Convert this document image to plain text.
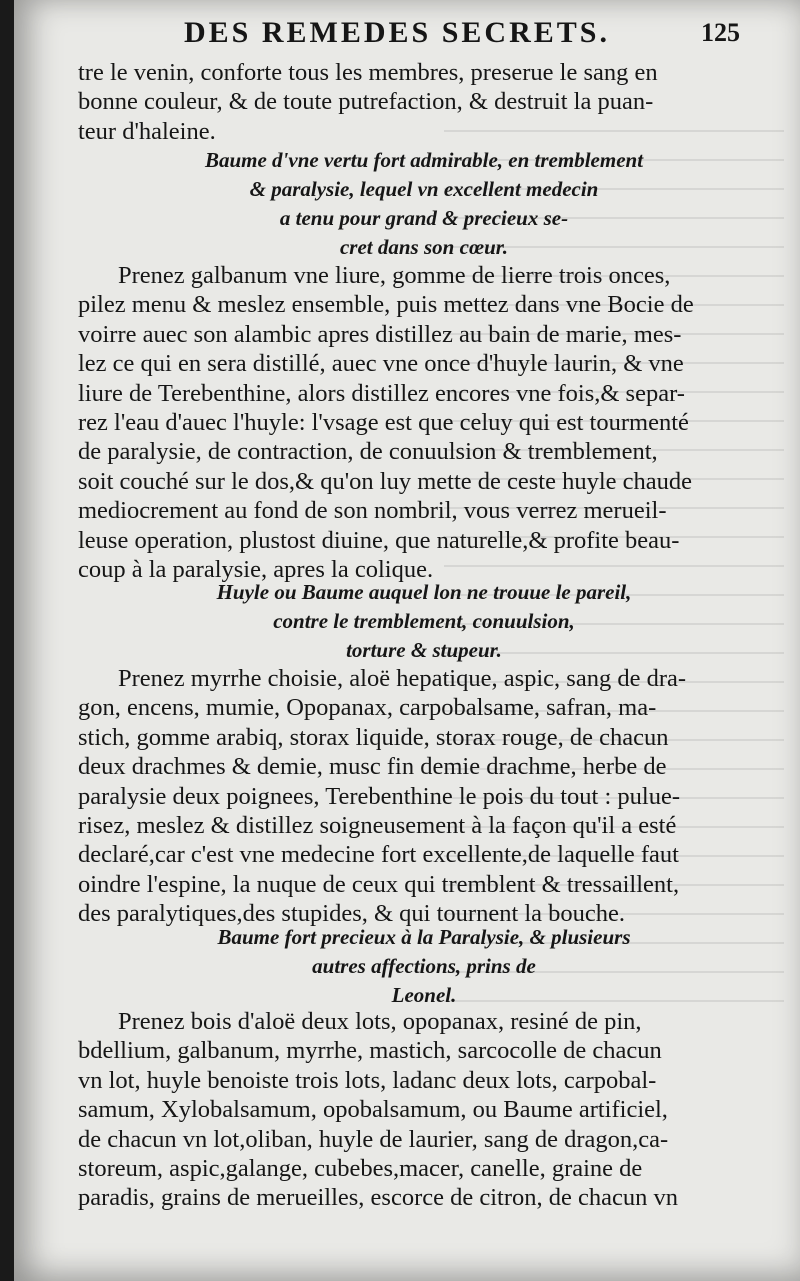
DES REMEDES SECRETS.	125
tre le venin, conforte tous les membres, preserue le sang en
bonne couleur, & de toute putrefaction, & destruit la puan-
teur d'haleine.
Baume d'vne vertu fort admirable, en tremblement
& paralysie, lequel vn excellent medecin
a tenu pour grand & precieux se-
cret dans son cœur.
Prenez galbanum vne liure, gomme de lierre trois onces,
pilez menu & meslez ensemble, puis mettez dans vne Bocie de
voirre auec son alambic apres distillez au bain de marie, mes-
lez ce qui en sera distillé, auec vne once d'huyle laurin, & vne
liure de Terebenthine, alors distillez encores vne fois,& separ-
rez l'eau d'auec l'huyle: l'vsage est que celuy qui est tourmenté
de paralysie, de contraction, de conuulsion & tremblement,
soit couché sur le dos,& qu'on luy mette de ceste huyle chaude
mediocrement au fond de son nombril, vous verrez merueil-
leuse operation, plustost diuine, que naturelle,& profite beau-
coup à la paralysie, apres la colique.
Huyle ou Baume auquel lon ne trouue le pareil,
contre le tremblement, conuulsion,
torture & stupeur.
Prenez myrrhe choisie, aloë hepatique, aspic, sang de dra-
gon, encens, mumie, Opopanax, carpobalsame, safran, ma-
stich, gomme arabiq, storax liquide, storax rouge, de chacun
deux drachmes & demie, musc fin demie drachme, herbe de
paralysie deux poignees, Terebenthine le pois du tout : pulue-
risez, meslez & distillez soigneusement à la façon qu'il a esté
declaré,car c'est vne medecine fort excellente,de laquelle faut
oindre l'espine, la nuque de ceux qui tremblent & tressaillent,
des paralytiques,des stupides, & qui tournent la bouche.
Baume fort precieux à la Paralysie, & plusieurs
autres affections, prins de
Leonel.
Prenez bois d'aloë deux lots, opopanax, resiné de pin,
bdellium, galbanum, myrrhe, mastich, sarcocolle de chacun
vn lot, huyle benoiste trois lots, ladanc deux lots, carpobal-
samum, Xylobalsamum, opobalsamum, ou Baume artificiel,
de chacun vn lot,oliban, huyle de laurier, sang de dragon,ca-
storeum, aspic,galange, cubebes,macer, canelle, graine de
paradis, grains de merueilles, escorce de citron, de chacun vn
